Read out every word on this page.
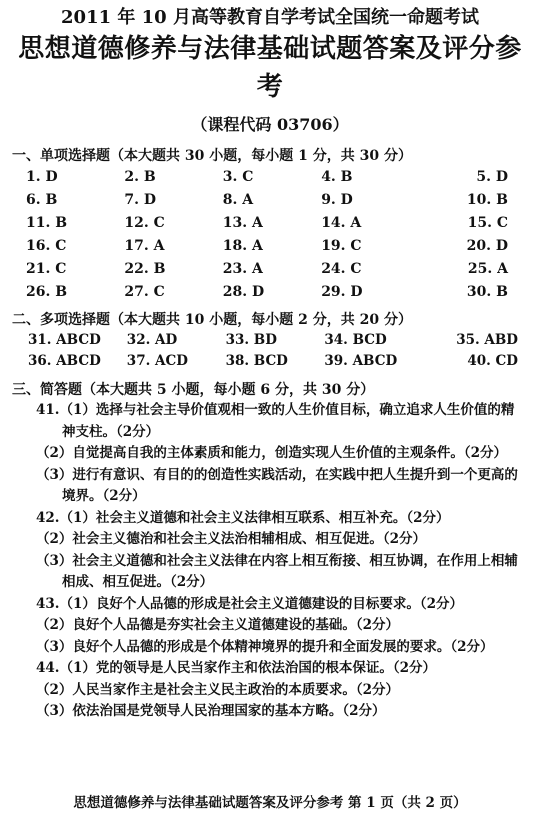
2011 年 10 月高等教育自学考试全国统一命题考试
思想道德修养与法律基础试题答案及评分参考
（课程代码 03706）
一、单项选择题（本大题共 30 小题，每小题 1 分，共 30 分）
1. D	2. B	3. C	4. B	5. D
6. B	7. D	8. A	9. D	10. B
11. B	12. C	13. A	14. A	15. C
16. C	17. A	18. A	19. C	20. D
21. C	22. B	23. A	24. C	25. A
26. B	27. C	28. D	29. D	30. B
二、多项选择题（本大题共 10 小题，每小题 2 分，共 20 分）
31. ABCD	32. AD	33. BD	34. BCD	35. ABD
36. ABCD	37. ACD	38. BCD	39. ABCD	40. CD
三、简答题（本大题共 5 小题，每小题 6 分，共 30 分）
41.（1）选择与社会主导价值观相一致的人生价值目标，确立追求人生价值的精神支柱。（2分）
（2）自觉提高自我的主体素质和能力，创造实现人生价值的主观条件。（2分）
（3）进行有意识、有目的的创造性实践活动，在实践中把人生提升到一个更高的境界。（2分）
42.（1）社会主义道德和社会主义法律相互联系、相互补充。（2分）
（2）社会主义德治和社会主义法治相辅相成、相互促进。（2分）
（3）社会主义道德和社会主义法律在内容上相互衔接、相互协调，在作用上相辅相成、相互促进。（2分）
43.（1）良好个人品德的形成是社会主义道德建设的目标要求。（2分）
（2）良好个人品德是夯实社会主义道德建设的基础。（2分）
（3）良好个人品德的形成是个体精神境界的提升和全面发展的要求。（2分）
44.（1）党的领导是人民当家作主和依法治国的根本保证。（2分）
（2）人民当家作主是社会主义民主政治的本质要求。（2分）
（3）依法治国是党领导人民治理国家的基本方略。（2分）
思想道德修养与法律基础试题答案及评分参考 第 1 页（共 2 页）
